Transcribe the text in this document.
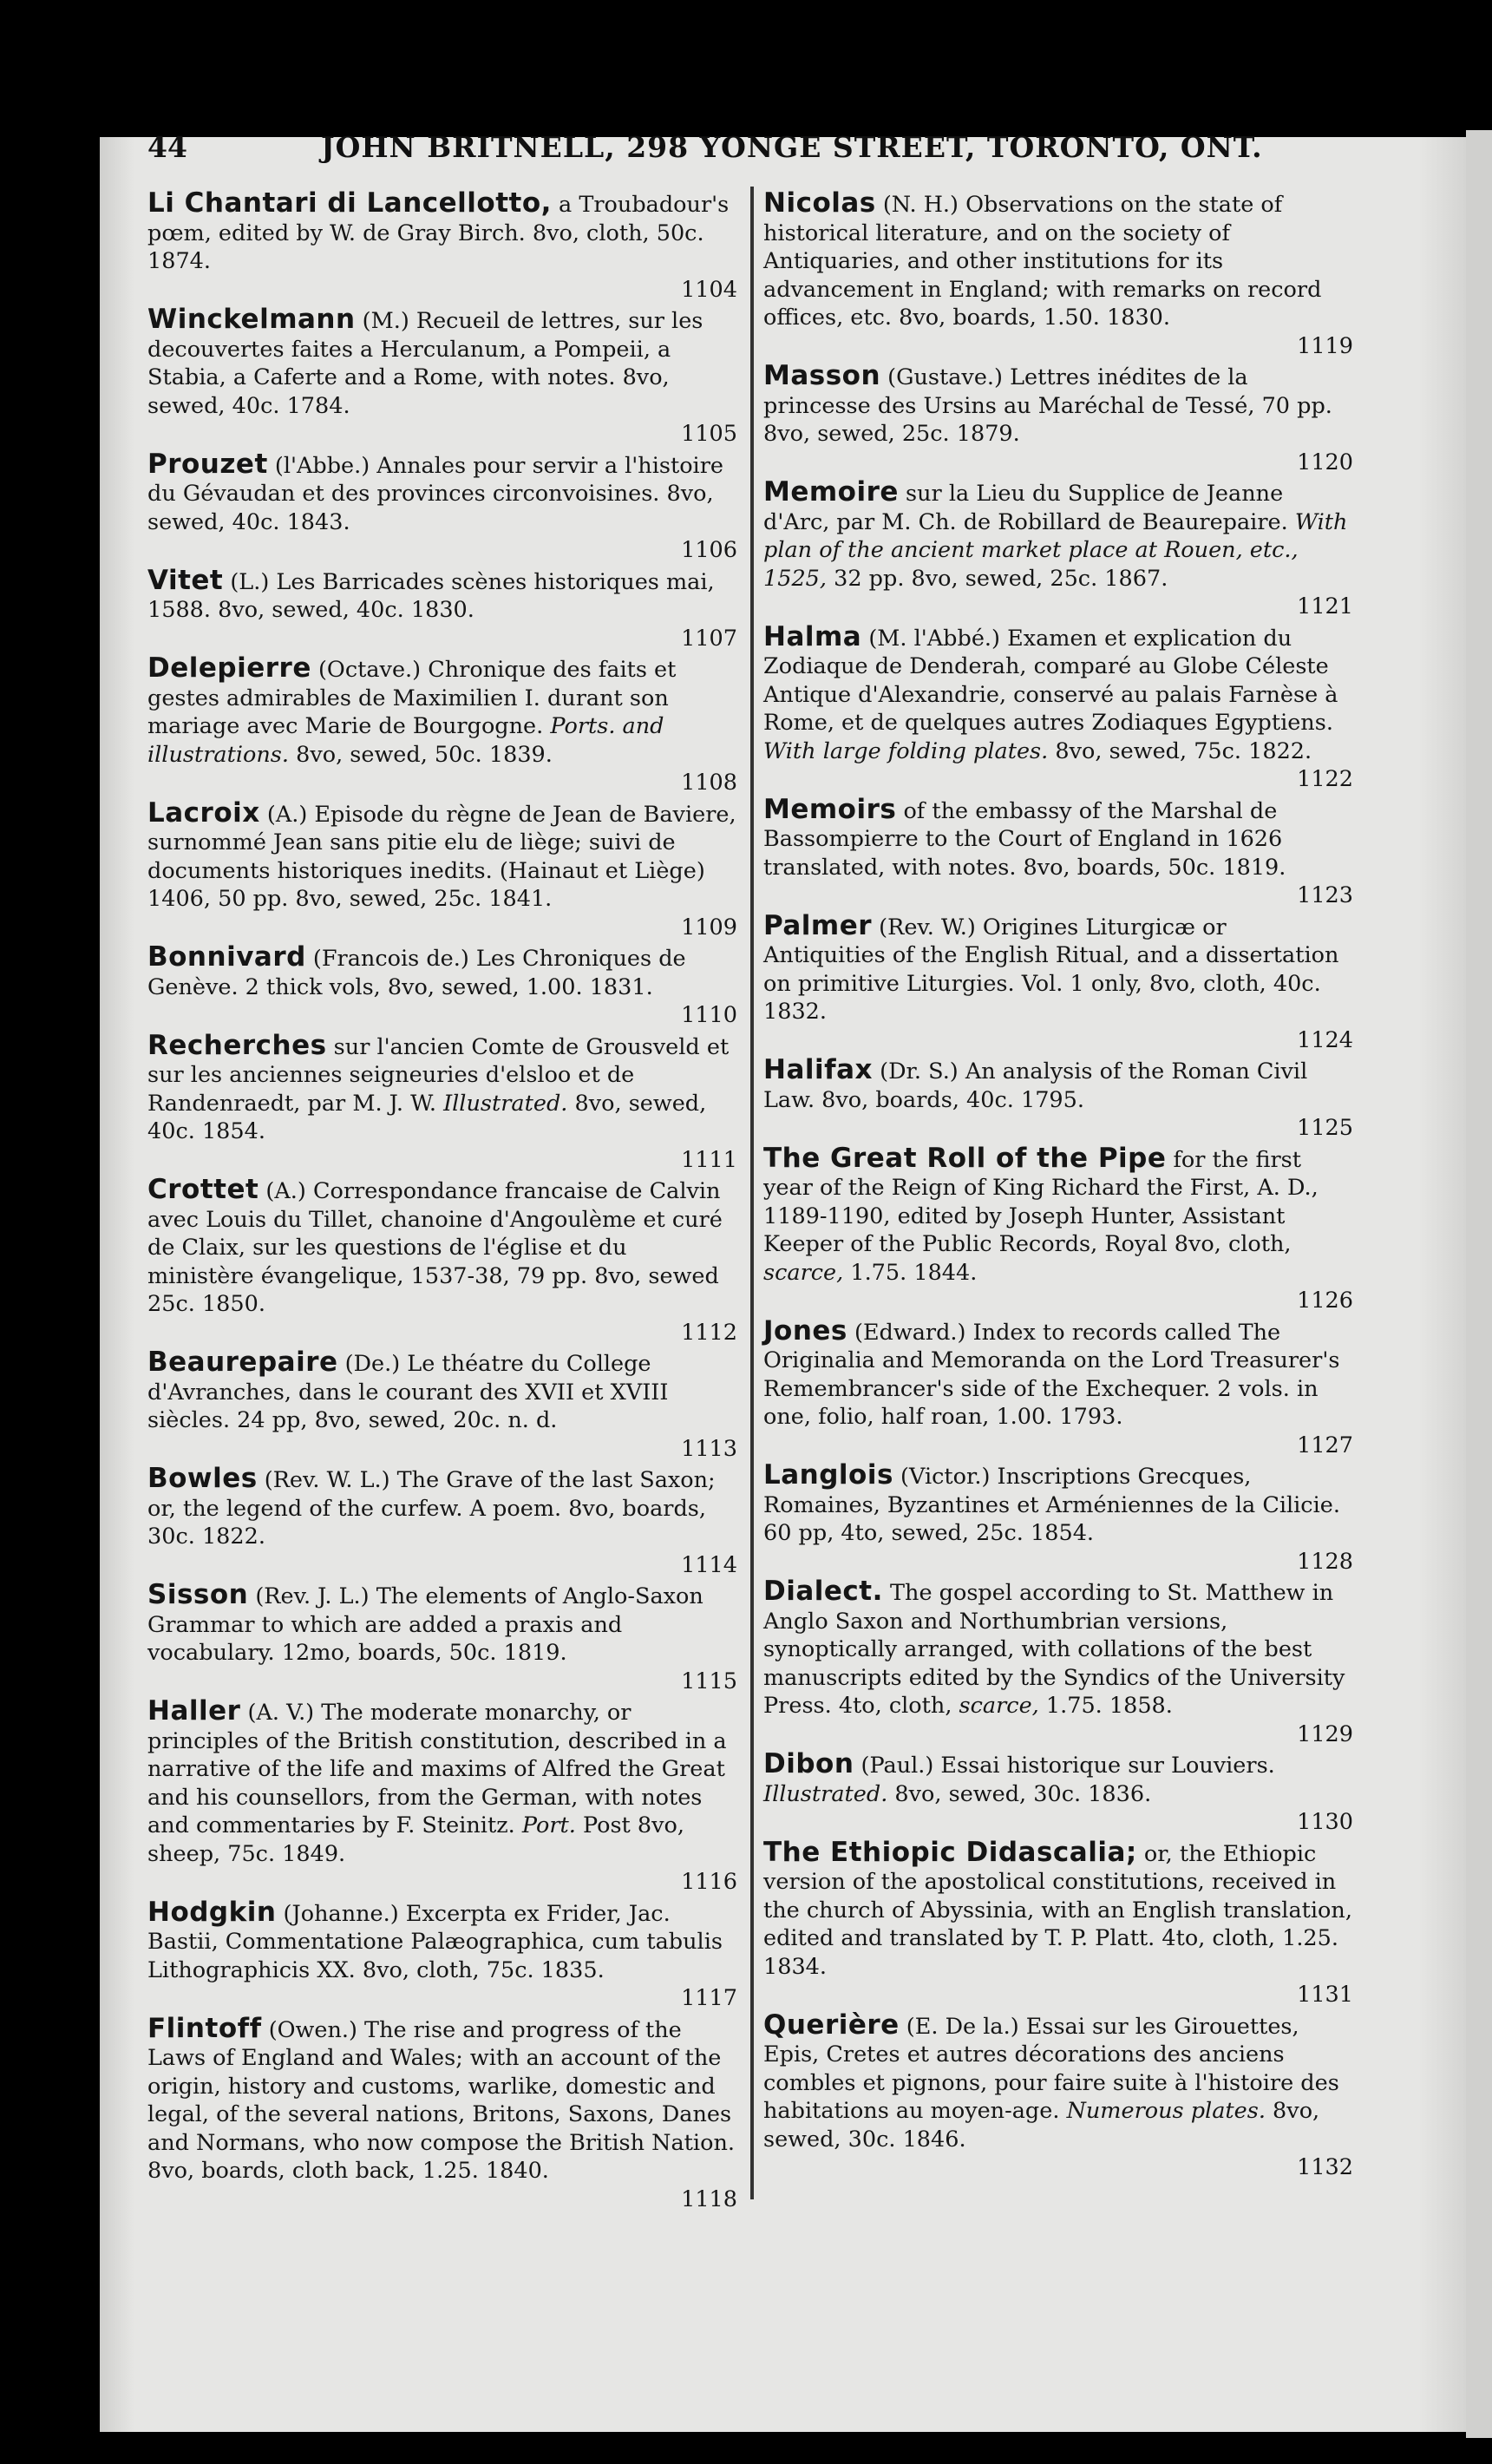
44	JOHN BRITNELL, 298 YONGE STREET, TORONTO, ONT.
Li Chantari di Lancellotto, a Troubadour's pœm, edited by W. de Gray Birch. 8vo, cloth, 50c. 1874.
1104
Winckelmann (M.) Recueil de lettres, sur les decouvertes faites a Herculanum, a Pompeii, a Stabia, a Caferte and a Rome, with notes. 8vo, sewed, 40c. 1784.
1105
Prouzet (l'Abbe.) Annales pour servir a l'histoire du Gévaudan et des provinces circonvoisines. 8vo, sewed, 40c. 1843.
1106
Vitet (L.) Les Barricades scènes historiques mai, 1588. 8vo, sewed, 40c. 1830.
1107
Delepierre (Octave.) Chronique des faits et gestes admirables de Maximilien I. durant son mariage avec Marie de Bourgogne. Ports. and illustrations. 8vo, sewed, 50c. 1839.
1108
Lacroix (A.) Episode du règne de Jean de Baviere, surnommé Jean sans pitie elu de liège; suivi de documents historiques inedits. (Hainaut et Liège) 1406, 50 pp. 8vo, sewed, 25c. 1841.
1109
Bonnivard (Francois de.) Les Chroniques de Genève. 2 thick vols, 8vo, sewed, 1.00. 1831.
1110
Recherches sur l'ancien Comte de Grousveld et sur les anciennes seigneuries d'elsloo et de Randenraedt, par M. J. W. Illustrated. 8vo, sewed, 40c. 1854.
1111
Crottet (A.) Correspondance francaise de Calvin avec Louis du Tillet, chanoine d'Angoulème et curé de Claix, sur les questions de l'église et du ministère évangelique, 1537-38, 79 pp. 8vo, sewed 25c. 1850.
1112
Beaurepaire (De.) Le théatre du College d'Avranches, dans le courant des XVII et XVIII siècles. 24 pp, 8vo, sewed, 20c. n. d.
1113
Bowles (Rev. W. L.) The Grave of the last Saxon; or, the legend of the curfew. A poem. 8vo, boards, 30c. 1822.
1114
Sisson (Rev. J. L.) The elements of Anglo-Saxon Grammar to which are added a praxis and vocabulary. 12mo, boards, 50c. 1819.
1115
Haller (A. V.) The moderate monarchy, or principles of the British constitution, described in a narrative of the life and maxims of Alfred the Great and his counsellors, from the German, with notes and commentaries by F. Steinitz. Port. Post 8vo, sheep, 75c. 1849.
1116
Hodgkin (Johanne.) Excerpta ex Frider, Jac. Bastii, Commentatione Palæographica, cum tabulis Lithographicis XX. 8vo, cloth, 75c. 1835.
1117
Flintoff (Owen.) The rise and progress of the Laws of England and Wales; with an account of the origin, history and customs, warlike, domestic and legal, of the several nations, Britons, Saxons, Danes and Normans, who now compose the British Nation. 8vo, boards, cloth back, 1.25. 1840.
1118
Nicolas (N. H.) Observations on the state of historical literature, and on the society of Antiquaries, and other institutions for its advancement in England; with remarks on record offices, etc. 8vo, boards, 1.50. 1830.
1119
Masson (Gustave.) Lettres inédites de la princesse des Ursins au Maréchal de Tessé, 70 pp. 8vo, sewed, 25c. 1879.
1120
Memoire sur la Lieu du Supplice de Jeanne d'Arc, par M. Ch. de Robillard de Beaurepaire. With plan of the ancient market place at Rouen, etc., 1525, 32 pp. 8vo, sewed, 25c. 1867.
1121
Halma (M. l'Abbé.) Examen et explication du Zodiaque de Denderah, comparé au Globe Céleste Antique d'Alexandrie, conservé au palais Farnèse à Rome, et de quelques autres Zodiaques Egyptiens. With large folding plates. 8vo, sewed, 75c. 1822.
1122
Memoirs of the embassy of the Marshal de Bassompierre to the Court of England in 1626 translated, with notes. 8vo, boards, 50c. 1819.
1123
Palmer (Rev. W.) Origines Liturgicæ or Antiquities of the English Ritual, and a dissertation on primitive Liturgies. Vol. 1 only, 8vo, cloth, 40c. 1832.
1124
Halifax (Dr. S.) An analysis of the Roman Civil Law. 8vo, boards, 40c. 1795.
1125
The Great Roll of the Pipe for the first year of the Reign of King Richard the First, A. D., 1189-1190, edited by Joseph Hunter, Assistant Keeper of the Public Records, Royal 8vo, cloth, scarce, 1.75. 1844.
1126
Jones (Edward.) Index to records called The Originalia and Memoranda on the Lord Treasurer's Remembrancer's side of the Exchequer. 2 vols. in one, folio, half roan, 1.00. 1793.
1127
Langlois (Victor.) Inscriptions Grecques, Romaines, Byzantines et Arméniennes de la Cilicie. 60 pp, 4to, sewed, 25c. 1854.
1128
Dialect. The gospel according to St. Matthew in Anglo Saxon and Northumbrian versions, synoptically arranged, with collations of the best manuscripts edited by the Syndics of the University Press. 4to, cloth, scarce, 1.75. 1858.
1129
Dibon (Paul.) Essai historique sur Louviers. Illustrated. 8vo, sewed, 30c. 1836.
1130
The Ethiopic Didascalia; or, the Ethiopic version of the apostolical constitutions, received in the church of Abyssinia, with an English translation, edited and translated by T. P. Platt. 4to, cloth, 1.25. 1834.
1131
Querière (E. De la.) Essai sur les Girouettes, Epis, Cretes et autres décorations des anciens combles et pignons, pour faire suite à l'histoire des habitations au moyen-age. Numerous plates. 8vo, sewed, 30c. 1846.
1132
